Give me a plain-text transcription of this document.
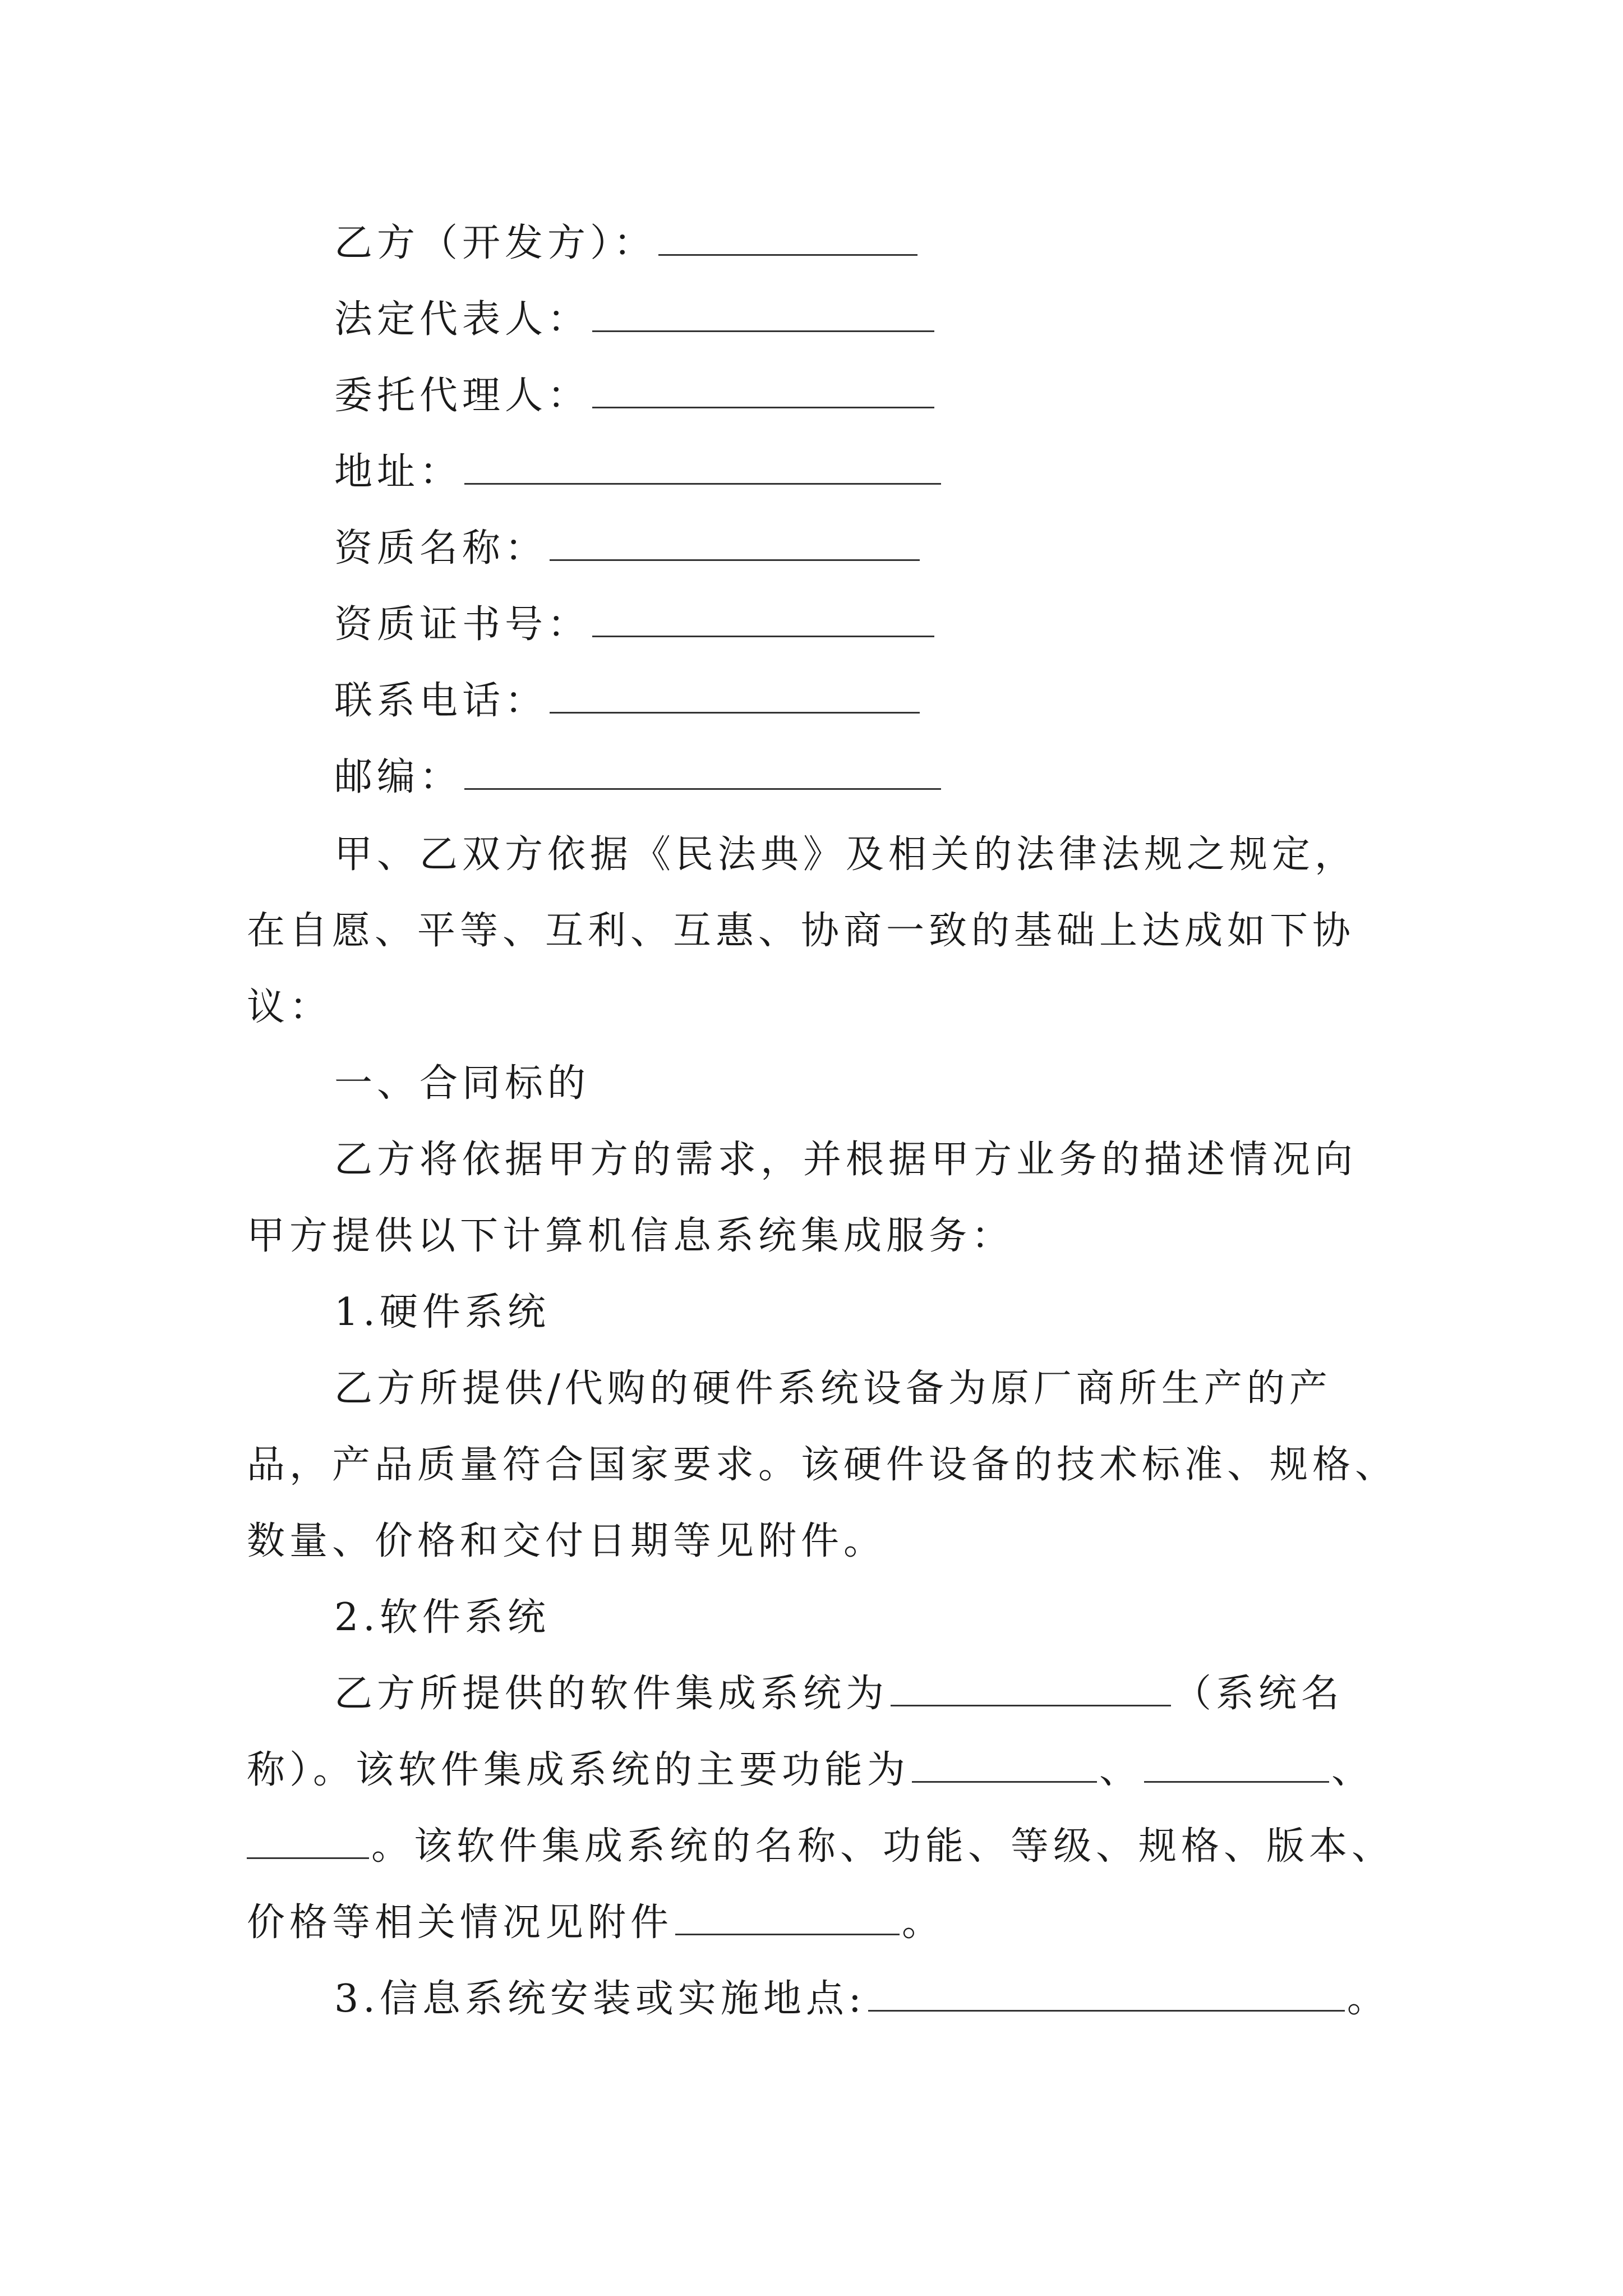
乙方（开发方）：
法定代表人：
委托代理人：
地址：
资质名称：
资质证书号：
联系电话：
邮编：
甲、乙双方依据《民法典》及相关的法律法规之规定，
在自愿、平等、互利、互惠、协商一致的基础上达成如下协
议：
一、合同标的
乙方将依据甲方的需求，并根据甲方业务的描述情况向
甲方提供以下计算机信息系统集成服务：
1.硬件系统
乙方所提供/代购的硬件系统设备为原厂商所生产的产
品，产品质量符合国家要求。该硬件设备的技术标准、规格、
数量、价格和交付日期等见附件。
2.软件系统
乙方所提供的软件集成系统为	（系统名
称）。该软件集成系统的主要功能为	、	、
。该软件集成系统的名称、功能、等级、规格、版本、
价格等相关情况见附件	。
3.信息系统安装或实施地点:	。
